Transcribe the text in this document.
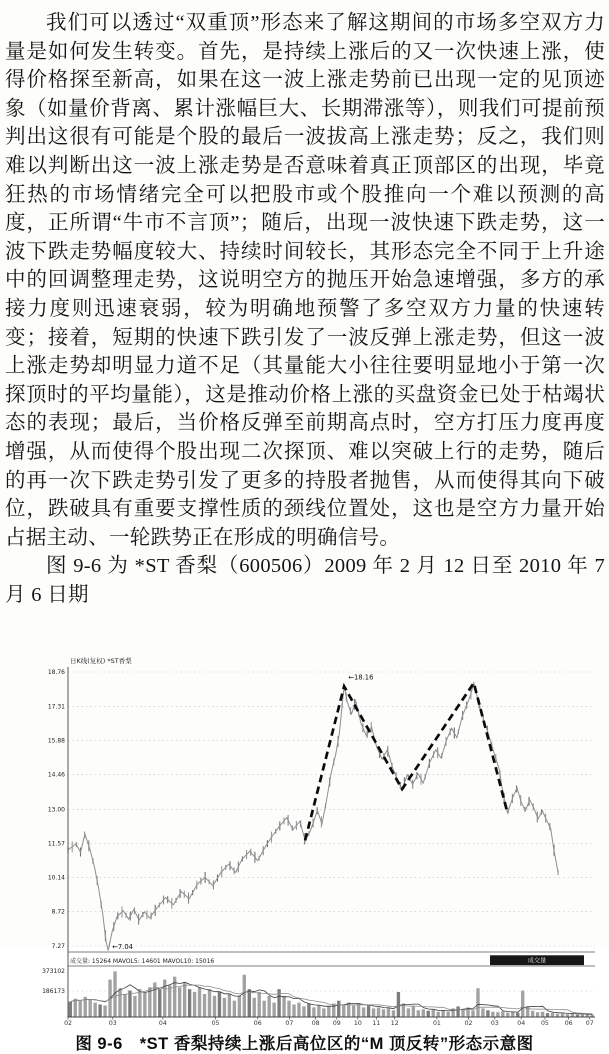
我们可以透过“双重顶”形态来了解这期间的市场多空双方力量是如何发生转变。首先，是持续上涨后的又一次快速上涨，使得价格探至新高，如果在这一波上涨走势前已出现一定的见顶迹象（如量价背离、累计涨幅巨大、长期滞涨等），则我们可提前预判出这很有可能是个股的最后一波拔高上涨走势；反之，我们则难以判断出这一波上涨走势是否意味着真正顶部区的出现，毕竟狂热的市场情绪完全可以把股市或个股推向一个难以预测的高度，正所谓“牛市不言顶”；随后，出现一波快速下跌走势，这一波下跌走势幅度较大、持续时间较长，其形态完全不同于上升途中的回调整理走势，这说明空方的抛压开始急速增强，多方的承接力度则迅速衰弱，较为明确地预警了多空双方力量的快速转变；接着，短期的快速下跌引发了一波反弹上涨走势，但这一波上涨走势却明显力道不足（其量能大小往往要明显地小于第一次探顶时的平均量能），这是推动价格上涨的买盘资金已处于枯竭状态的表现；最后，当价格反弹至前期高点时，空方打压力度再度增强，从而使得个股出现二次探顶、难以突破上行的走势，随后的再一次下跌走势引发了更多的持股者抛售，从而使得其向下破位，跌破具有重要支撑性质的颈线位置处，这也是空方力量开始占据主动、一轮跌势正在形成的明确信号。

图 9-6 为 *ST 香梨（600506）2009 年 2 月 12 日至 2010 年 7 月 6 日期

←18.16
←7.04
18.76
17.31
15.88
14.46
13.00
11.57
10.14
8.72
7.27
373102
186173
日K线(复权) *ST香梨
成交量: 15264 MAVOL5: 14601 MAVOL10: 15016	成交量
02	03	04	05	06	07	08 09 10 11 12	01	02	03	04	05	06 07

图 9-6　*ST 香梨持续上涨后高位区的“M 顶反转”形态示意图
